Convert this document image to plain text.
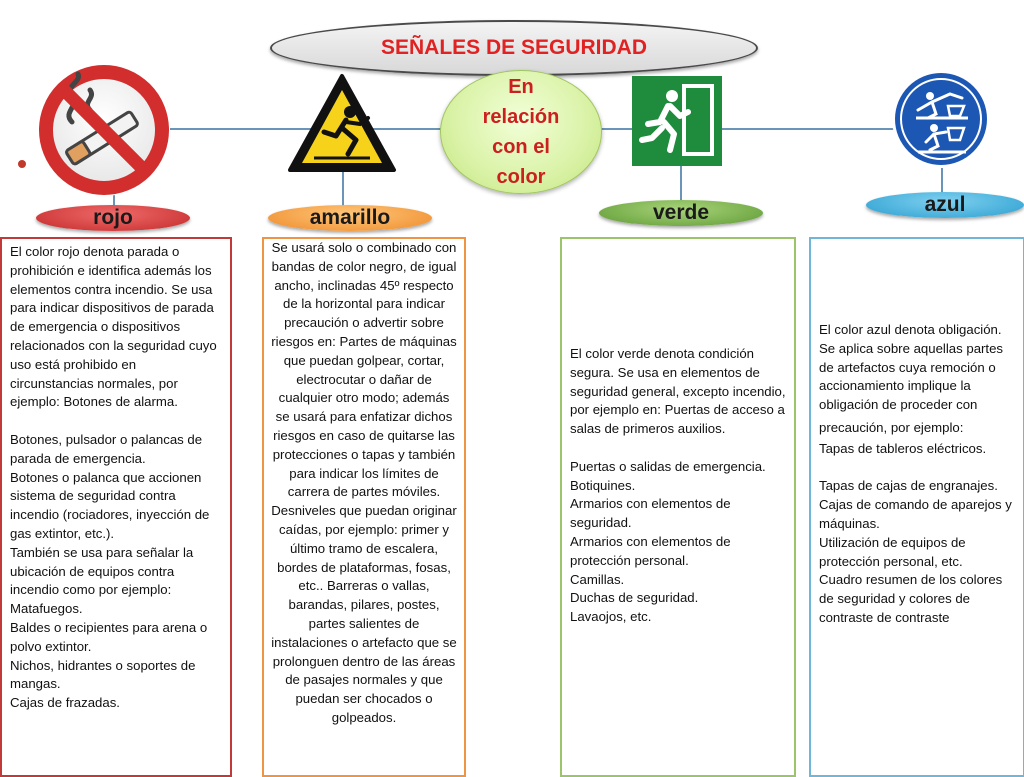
SEÑALES DE SEGURIDAD
En relación con el color
rojo	amarillo	verde	azul

El color rojo denota parada o prohibición e identifica además los elementos contra incendio. Se usa para indicar dispositivos de parada de emergencia o dispositivos relacionados con la seguridad cuyo uso está prohibido en circunstancias normales, por ejemplo: Botones de alarma.

Botones, pulsador o palancas de parada de emergencia.
Botones o palanca que accionen sistema de seguridad contra incendio (rociadores, inyección de gas extintor, etc.).
También se usa para señalar la ubicación de equipos contra incendio como por ejemplo: Matafuegos.
Baldes o recipientes para arena o polvo extintor.
Nichos, hidrantes o soportes de mangas.
Cajas de frazadas.

Se usará solo o combinado con bandas de color negro, de igual ancho, inclinadas 45º respecto de la horizontal para indicar precaución o advertir sobre riesgos en: Partes de máquinas que puedan golpear, cortar, electrocutar o dañar de cualquier otro modo; además se usará para enfatizar dichos riesgos en caso de quitarse las protecciones o tapas y también para indicar los límites de carrera de partes móviles. Desniveles que puedan originar caídas, por ejemplo: primer y último tramo de escalera, bordes de plataformas, fosas, etc.. Barreras o vallas, barandas, pilares, postes, partes salientes de instalaciones o artefacto que se prolonguen dentro de las áreas de pasajes normales y que puedan ser chocados o golpeados.

El color verde denota condición segura. Se usa en elementos de seguridad general, excepto incendio, por ejemplo en: Puertas de acceso a salas de primeros auxilios.

Puertas o salidas de emergencia.
Botiquines.
Armarios con elementos de seguridad.
Armarios con elementos de protección personal.
Camillas.
Duchas de seguridad.
Lavaojos, etc.

El color azul denota obligación. Se aplica sobre aquellas partes de artefactos cuya remoción o accionamiento implique la obligación de proceder con

precaución, por ejemplo:

Tapas de tableros eléctricos.

Tapas de cajas de engranajes.
Cajas de comando de aparejos y máquinas.
Utilización de equipos de protección personal, etc.
Cuadro resumen de los colores de seguridad y colores de contraste de contraste
